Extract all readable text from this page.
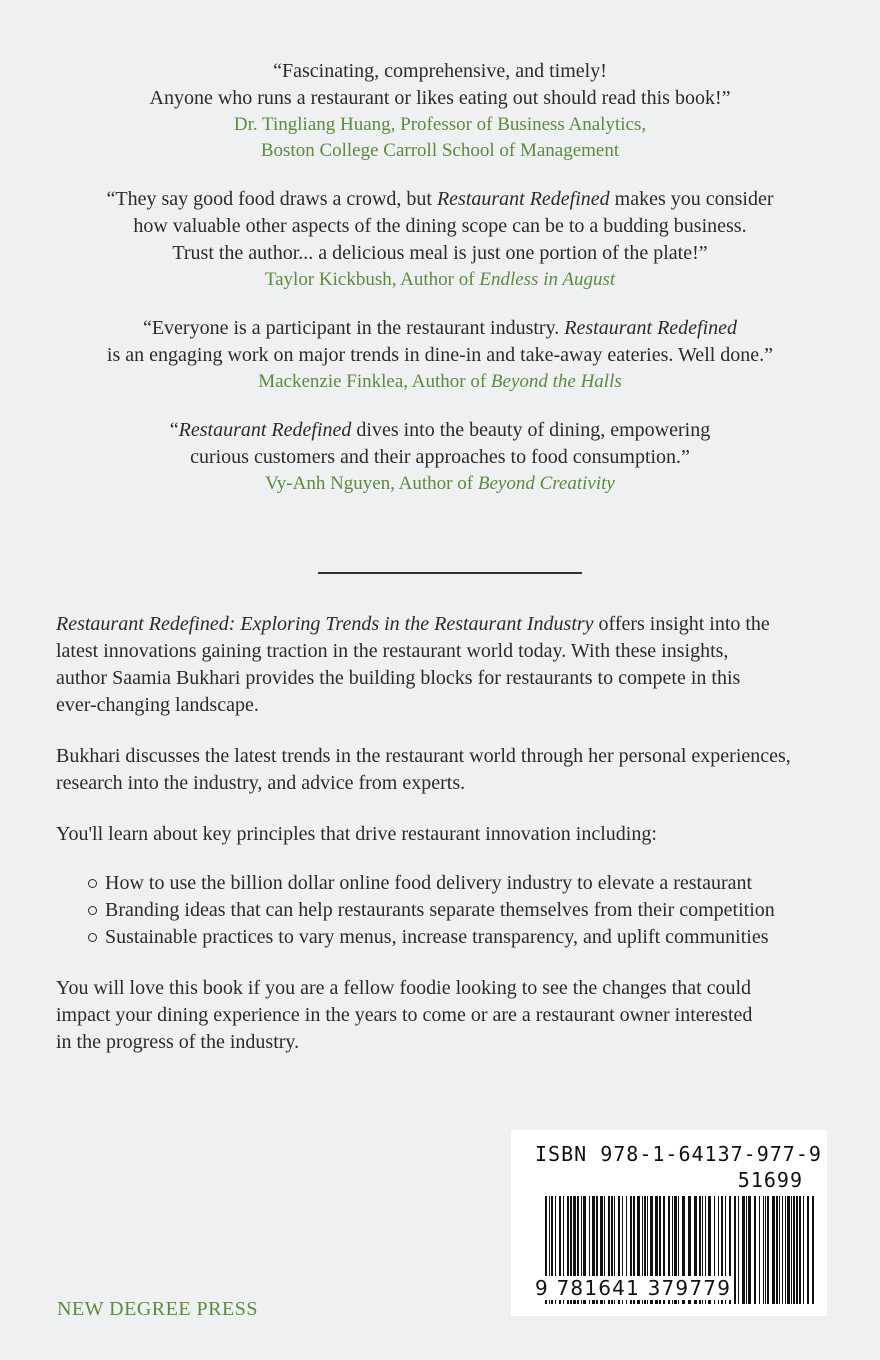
“Fascinating, comprehensive, and timely!
Anyone who runs a restaurant or likes eating out should read this book!”
Dr. Tingliang Huang, Professor of Business Analytics,
Boston College Carroll School of Management
“They say good food draws a crowd, but Restaurant Redefined makes you consider
how valuable other aspects of the dining scope can be to a budding business.
Trust the author... a delicious meal is just one portion of the plate!”
Taylor Kickbush, Author of Endless in August
“Everyone is a participant in the restaurant industry. Restaurant Redefined
is an engaging work on major trends in dine-in and take-away eateries. Well done.”
Mackenzie Finklea, Author of Beyond the Halls
“Restaurant Redefined dives into the beauty of dining, empowering
curious customers and their approaches to food consumption.”
Vy-Anh Nguyen, Author of Beyond Creativity

Restaurant Redefined: Exploring Trends in the Restaurant Industry offers insight into the
latest innovations gaining traction in the restaurant world today. With these insights,
author Saamia Bukhari provides the building blocks for restaurants to compete in this
ever-changing landscape.

Bukhari discusses the latest trends in the restaurant world through her personal experiences,
research into the industry, and advice from experts.

You'll learn about key principles that drive restaurant innovation including:

How to use the billion dollar online food delivery industry to elevate a restaurant
Branding ideas that can help restaurants separate themselves from their competition
Sustainable practices to vary menus, increase transparency, and uplift communities

You will love this book if you are a fellow foodie looking to see the changes that could
impact your dining experience in the years to come or are a restaurant owner interested
in the progress of the industry.

NEW DEGREE PRESS
ISBN 978-1-64137-977-9
51699
9 781641 379779
